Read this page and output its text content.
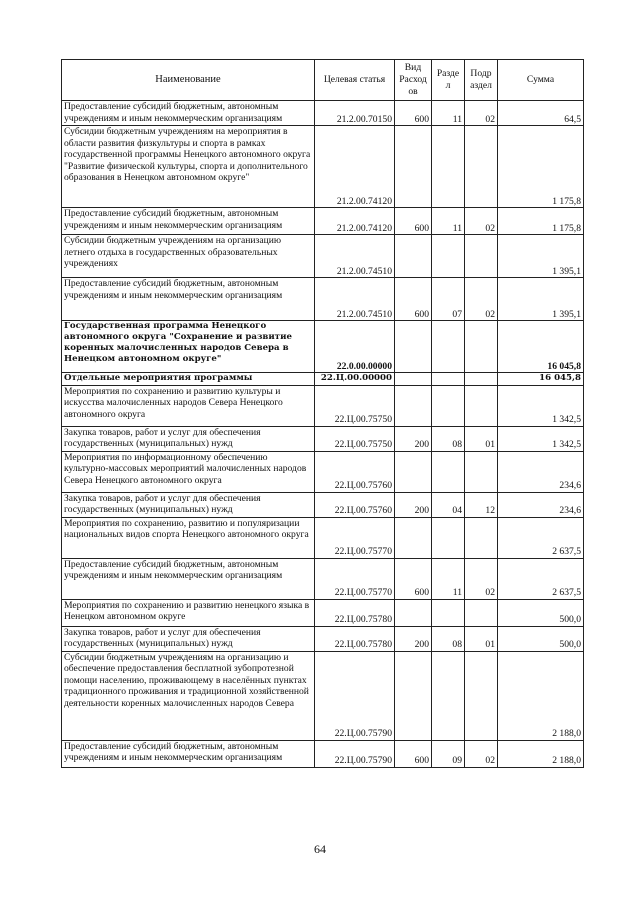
Наименование	Целевая статья	Вид Расход ов	Разде л	Подр аздел	Сумма
Предоставление субсидий бюджетным, автономным учреждениям и иным некоммерческим организациям	21.2.00.70150	600	11	02	64,5
Субсидии бюджетным учреждениям на мероприятия в области развития физкультуры и спорта в рамках государственной программы Ненецкого автономного округа "Развитие физической культуры, спорта и дополнительного образования в Ненецком автономном округе"	21.2.00.74120				1 175,8
Предоставление субсидий бюджетным, автономным учреждениям и иным некоммерческим организациям	21.2.00.74120	600	11	02	1 175,8
Субсидии бюджетным учреждениям на организацию летнего отдыха в государственных образовательных учреждениях	21.2.00.74510				1 395,1
Предоставление субсидий бюджетным, автономным учреждениям и иным некоммерческим организациям	21.2.00.74510	600	07	02	1 395,1
Государственная программа Ненецкого автономного округа "Сохранение и развитие коренных малочисленных народов Севера в Ненецком автономном округе"	22.0.00.00000				16 045,8
Отдельные мероприятия программы	22.Ц.00.00000				16 045,8
Мероприятия по сохранению и развитию культуры и искусства малочисленных народов Севера Ненецкого автономного округа	22.Ц.00.75750				1 342,5
Закупка товаров, работ и услуг для обеспечения государственных (муниципальных) нужд	22.Ц.00.75750	200	08	01	1 342,5
Мероприятия по информационному обеспечению культурно-массовых мероприятий малочисленных народов Севера Ненецкого автономного округа	22.Ц.00.75760				234,6
Закупка товаров, работ и услуг для обеспечения государственных (муниципальных) нужд	22.Ц.00.75760	200	04	12	234,6
Мероприятия по сохранению, развитию и популяризации национальных видов спорта Ненецкого автономного округа	22.Ц.00.75770				2 637,5
Предоставление субсидий бюджетным, автономным учреждениям и иным некоммерческим организациям	22.Ц.00.75770	600	11	02	2 637,5
Мероприятия по сохранению и развитию ненецкого языка в Ненецком автономном округе	22.Ц.00.75780				500,0
Закупка товаров, работ и услуг для обеспечения государственных (муниципальных) нужд	22.Ц.00.75780	200	08	01	500,0
Субсидии бюджетным учреждениям на организацию и обеспечение предоставления бесплатной зубопротезной помощи населению, проживающему в населённых пунктах традиционного проживания и традиционной хозяйственной деятельности коренных малочисленных народов Севера	22.Ц.00.75790				2 188,0
Предоставление субсидий бюджетным, автономным учреждениям и иным некоммерческим организациям	22.Ц.00.75790	600	09	02	2 188,0
64
